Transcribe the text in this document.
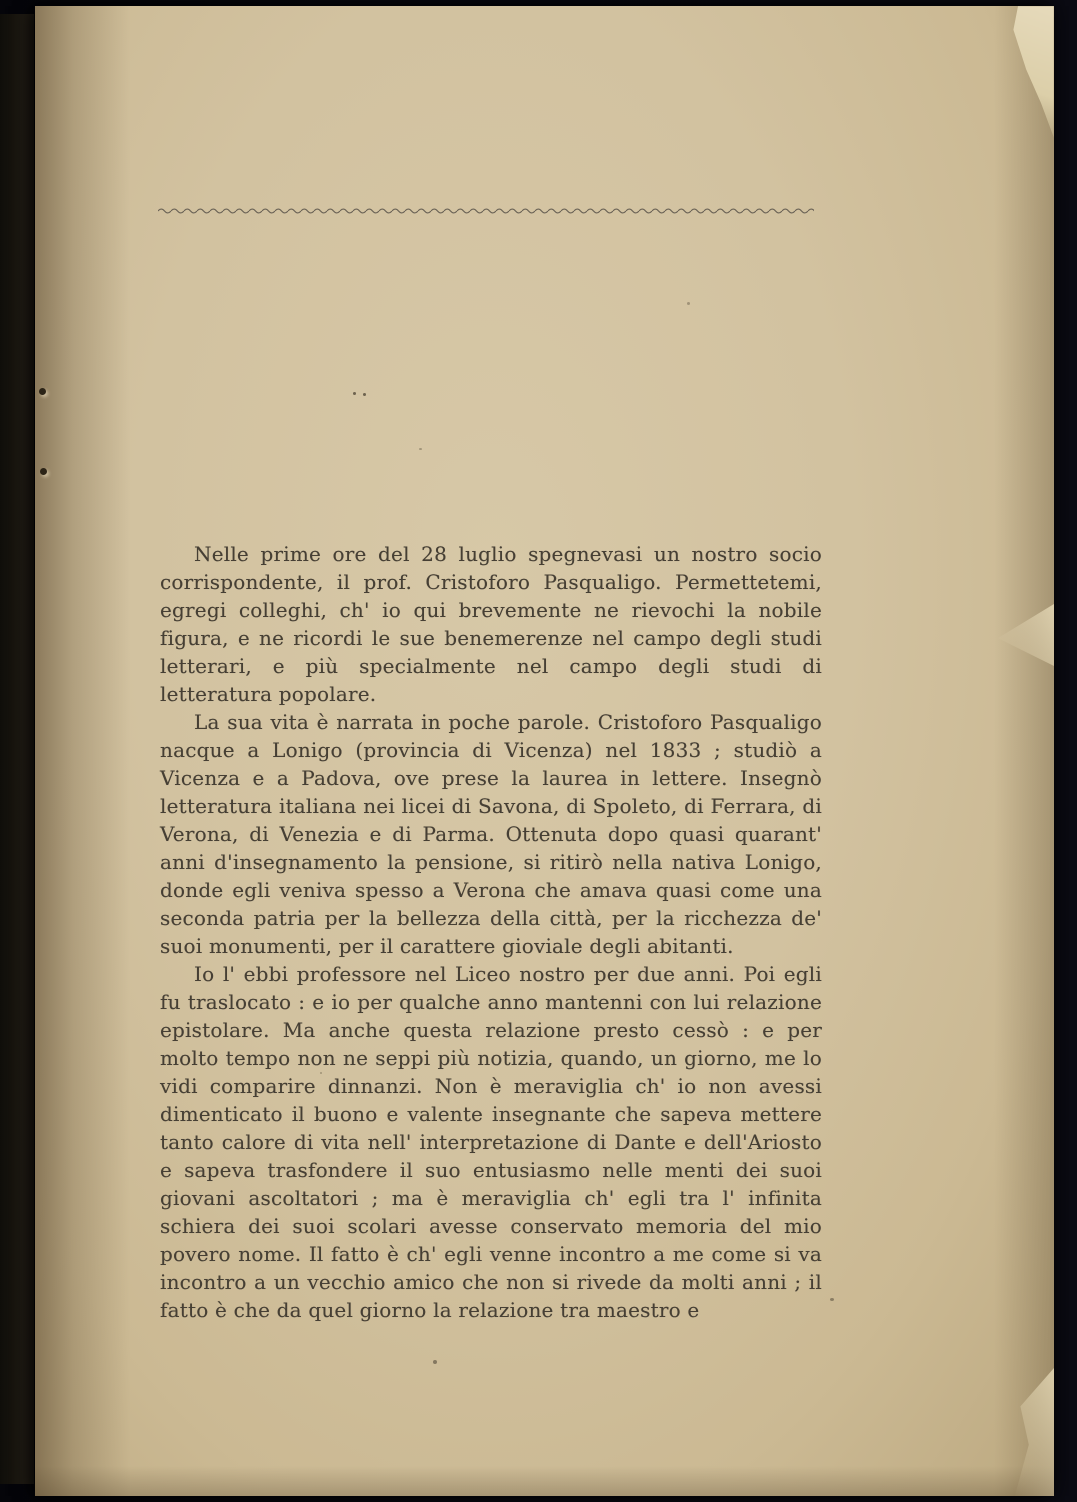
Nelle prime ore del 28 luglio spegnevasi un nostro socio corrispondente, il prof. Cristoforo Pasqualigo. Permettetemi, egregi colleghi, ch' io qui brevemente ne rievochi la nobile figura, e ne ricordi le sue benemerenze nel campo degli studi letterari, e più specialmente nel campo degli studi di letteratura popolare.

La sua vita è narrata in poche parole. Cristoforo Pasqualigo nacque a Lonigo (provincia di Vicenza) nel 1833 ; studiò a Vicenza e a Padova, ove prese la laurea in lettere. Insegnò letteratura italiana nei licei di Savona, di Spoleto, di Ferrara, di Verona, di Venezia e di Parma. Ottenuta dopo quasi quarant' anni d'insegnamento la pensione, si ritirò nella nativa Lonigo, donde egli veniva spesso a Verona che amava quasi come una seconda patria per la bellezza della città, per la ricchezza de' suoi monumenti, per il carattere gioviale degli abitanti.

Io l' ebbi professore nel Liceo nostro per due anni. Poi egli fu traslocato : e io per qualche anno mantenni con lui relazione epistolare. Ma anche questa relazione presto cessò : e per molto tempo non ne seppi più notizia, quando, un giorno, me lo vidi comparire dinnanzi. Non è meraviglia ch' io non avessi dimenticato il buono e valente insegnante che sapeva mettere tanto calore di vita nell' interpretazione di Dante e dell'Ariosto e sapeva trasfondere il suo entusiasmo nelle menti dei suoi giovani ascoltatori ; ma è meraviglia ch' egli tra l' infinita schiera dei suoi scolari avesse conservato memoria del mio povero nome. Il fatto è ch' egli venne incontro a me come si va incontro a un vecchio amico che non si rivede da molti anni ; il fatto è che da quel giorno la relazione tra maestro e
